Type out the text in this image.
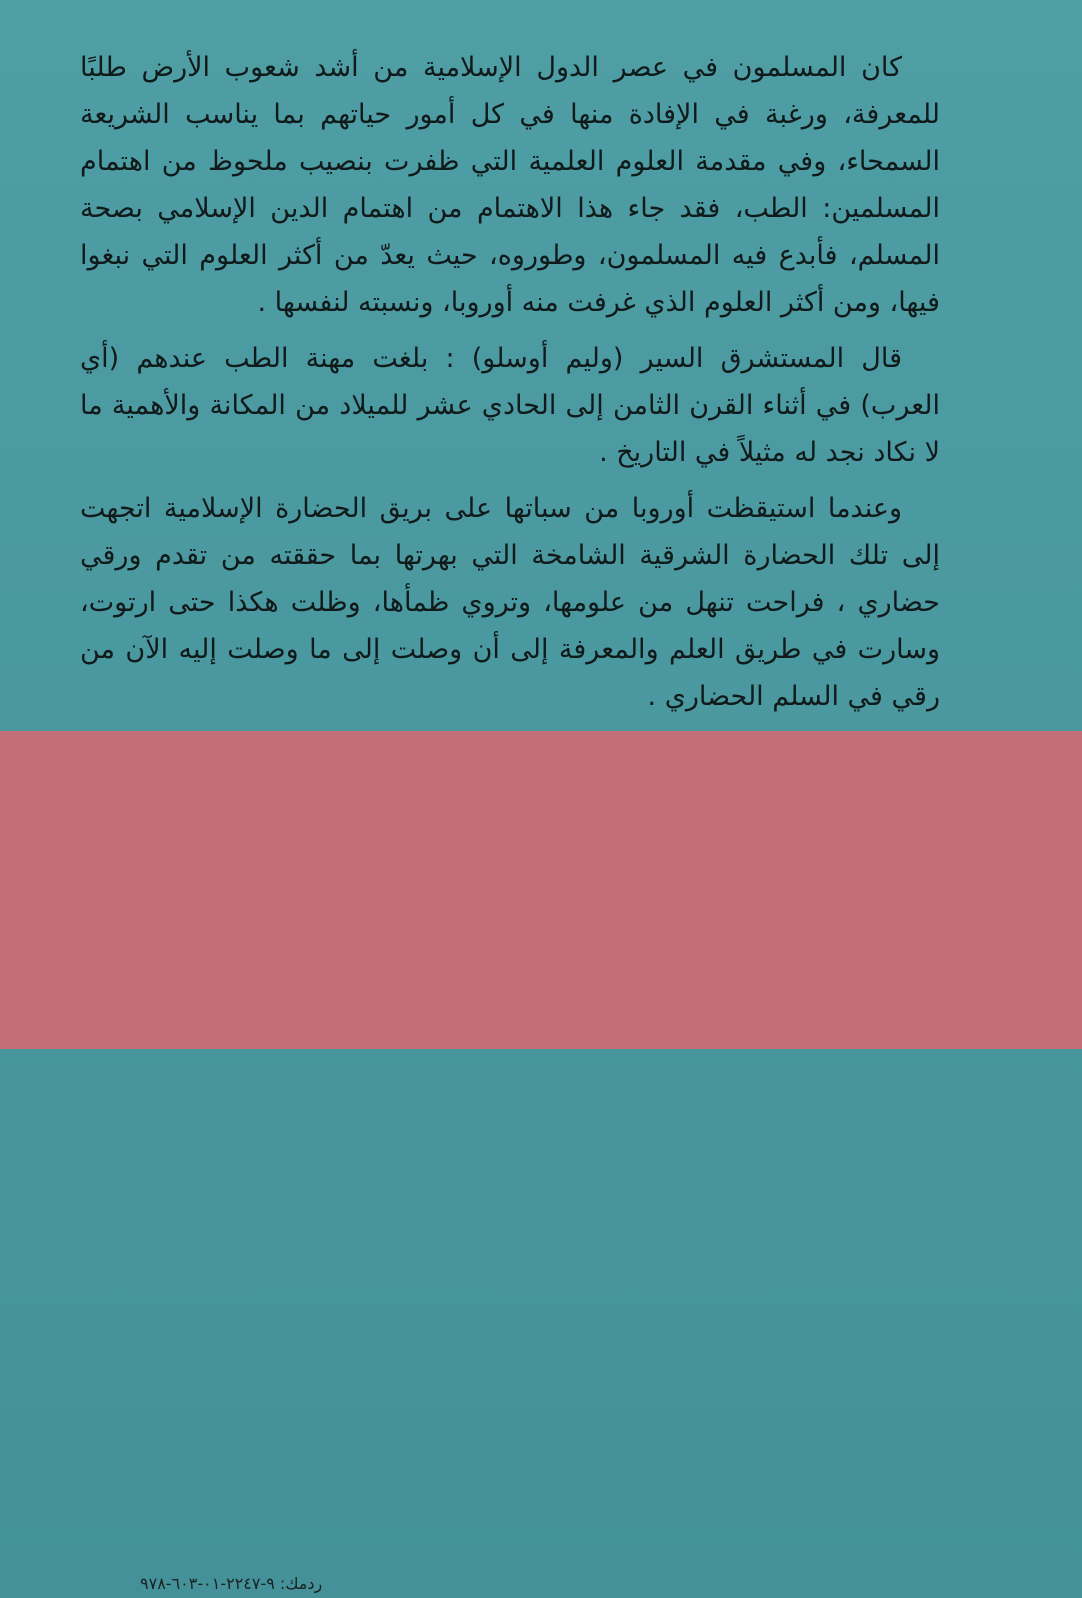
كان المسلمون في عصر الدول الإسلامية من أشد شعوب الأرض طلبًا للمعرفة، ورغبة في الإفادة منها في كل أمور حياتهم بما يناسب الشريعة السمحاء، وفي مقدمة العلوم العلمية التي ظفرت بنصيب ملحوظ من اهتمام المسلمين: الطب، فقد جاء هذا الاهتمام من اهتمام الدين الإسلامي بصحة المسلم، فأبدع فيه المسلمون، وطوروه، حيث يعدّ من أكثر العلوم التي نبغوا فيها، ومن أكثر العلوم الذي غرفت منه أوروبا، ونسبته لنفسها .

قال المستشرق السير (وليم أوسلو) : بلغت مهنة الطب عندهم (أي العرب) في أثناء القرن الثامن إلى الحادي عشر للميلاد من المكانة والأهمية ما لا نكاد نجد له مثيلاً في التاريخ .

وعندما استيقظت أوروبا من سباتها على بريق الحضارة الإسلامية اتجهت إلى تلك الحضارة الشرقية الشامخة التي بهرتها بما حققته من تقدم ورقي حضاري ، فراحت تنهل من علومها، وتروي ظمأها، وظلت هكذا حتى ارتوت، وسارت في طريق العلم والمعرفة إلى أن وصلت إلى ما وصلت إليه الآن من رقي في السلم الحضاري .

ردمك: ٩-٢٢٤٧-٠١-٦٠٣-٩٧٨
